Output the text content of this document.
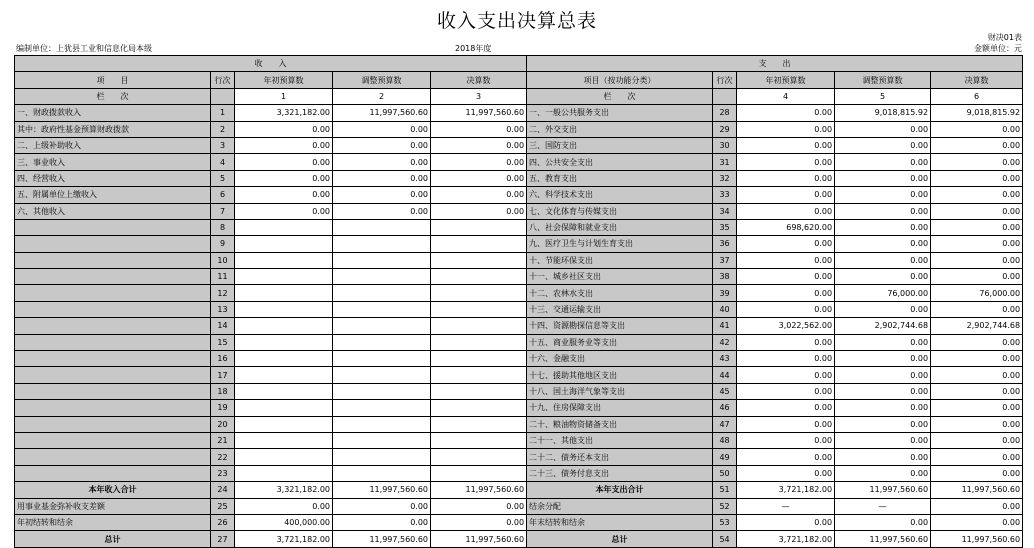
收入支出决算总表
财决01表
编制单位：上犹县工业和信息化局本级	2018年度	金额单位：元
收　　入					支　　出				
项　　目	行次	年初预算数	调整预算数	决算数	项目（按功能分类）	行次	年初预算数	调整预算数	决算数
栏　　次		1	2	3	栏　　次		4	5	6
一、财政拨款收入	1	3,321,182.00	11,997,560.60	11,997,560.60	一、一般公共服务支出	28	0.00	9,018,815.92	9,018,815.92
其中：政府性基金预算财政拨款	2	0.00	0.00	0.00	二、外交支出	29	0.00	0.00	0.00
二、上级补助收入	3	0.00	0.00	0.00	三、国防支出	30	0.00	0.00	0.00
三、事业收入	4	0.00	0.00	0.00	四、公共安全支出	31	0.00	0.00	0.00
四、经营收入	5	0.00	0.00	0.00	五、教育支出	32	0.00	0.00	0.00
五、附属单位上缴收入	6	0.00	0.00	0.00	六、科学技术支出	33	0.00	0.00	0.00
六、其他收入	7	0.00	0.00	0.00	七、文化体育与传媒支出	34	0.00	0.00	0.00
	8				八、社会保障和就业支出	35	698,620.00	0.00	0.00
	9				九、医疗卫生与计划生育支出	36	0.00	0.00	0.00
	10				十、节能环保支出	37	0.00	0.00	0.00
	11				十一、城乡社区支出	38	0.00	0.00	0.00
	12				十二、农林水支出	39	0.00	76,000.00	76,000.00
	13				十三、交通运输支出	40	0.00	0.00	0.00
	14				十四、资源勘探信息等支出	41	3,022,562.00	2,902,744.68	2,902,744.68
	15				十五、商业服务业等支出	42	0.00	0.00	0.00
	16				十六、金融支出	43	0.00	0.00	0.00
	17				十七、援助其他地区支出	44	0.00	0.00	0.00
	18				十八、国土海洋气象等支出	45	0.00	0.00	0.00
	19				十九、住房保障支出	46	0.00	0.00	0.00
	20				二十、粮油物资储备支出	47	0.00	0.00	0.00
	21				二十一、其他支出	48	0.00	0.00	0.00
	22				二十二、债务还本支出	49	0.00	0.00	0.00
	23				二十三、债务付息支出	50	0.00	0.00	0.00
本年收入合计	24	3,321,182.00	11,997,560.60	11,997,560.60	本年支出合计	51	3,721,182.00	11,997,560.60	11,997,560.60
用事业基金弥补收支差额	25	0.00	0.00	0.00	结余分配	52	—	—	0.00
年初结转和结余	26	400,000.00	0.00	0.00	年末结转和结余	53	0.00	0.00	0.00
总计	27	3,721,182.00	11,997,560.60	11,997,560.60	总计	54	3,721,182.00	11,997,560.60	11,997,560.60
